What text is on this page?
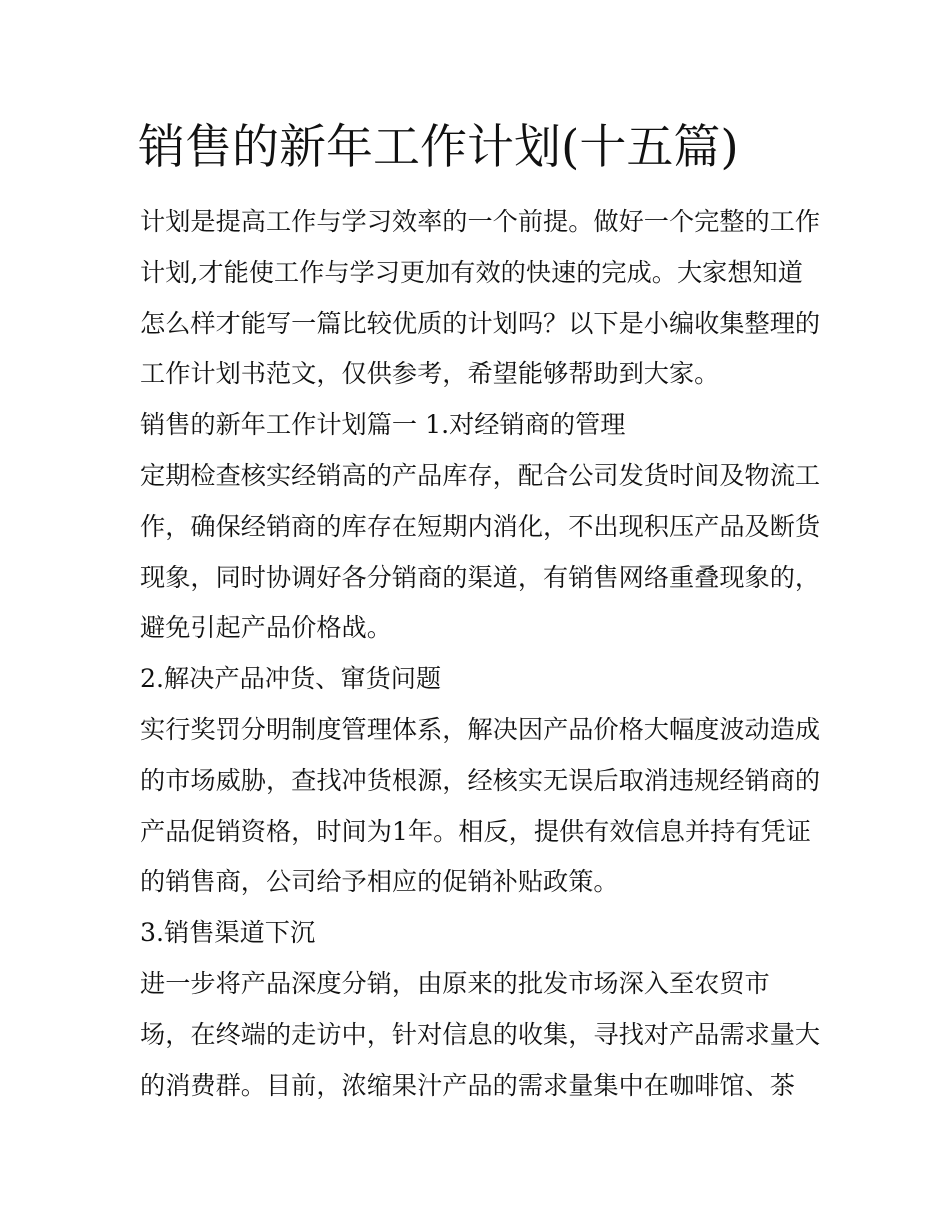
销售的新年工作计划(十五篇)
计划是提高工作与学习效率的一个前提。做好一个完整的工作
计划,才能使工作与学习更加有效的快速的完成。大家想知道
怎么样才能写一篇比较优质的计划吗？以下是小编收集整理的
工作计划书范文，仅供参考，希望能够帮助到大家。
销售的新年工作计划篇一 1.对经销商的管理
定期检查核实经销高的产品库存，配合公司发货时间及物流工
作，确保经销商的库存在短期内消化，不出现积压产品及断货
现象，同时协调好各分销商的渠道，有销售网络重叠现象的，
避免引起产品价格战。
2.解决产品冲货、窜货问题
实行奖罚分明制度管理体系，解决因产品价格大幅度波动造成
的市场威胁，查找冲货根源，经核实无误后取消违规经销商的
产品促销资格，时间为1年。相反，提供有效信息并持有凭证
的销售商，公司给予相应的促销补贴政策。
3.销售渠道下沉
进一步将产品深度分销，由原来的批发市场深入至农贸市
场，在终端的走访中，针对信息的收集，寻找对产品需求量大
的消费群。目前，浓缩果汁产品的需求量集中在咖啡馆、茶
